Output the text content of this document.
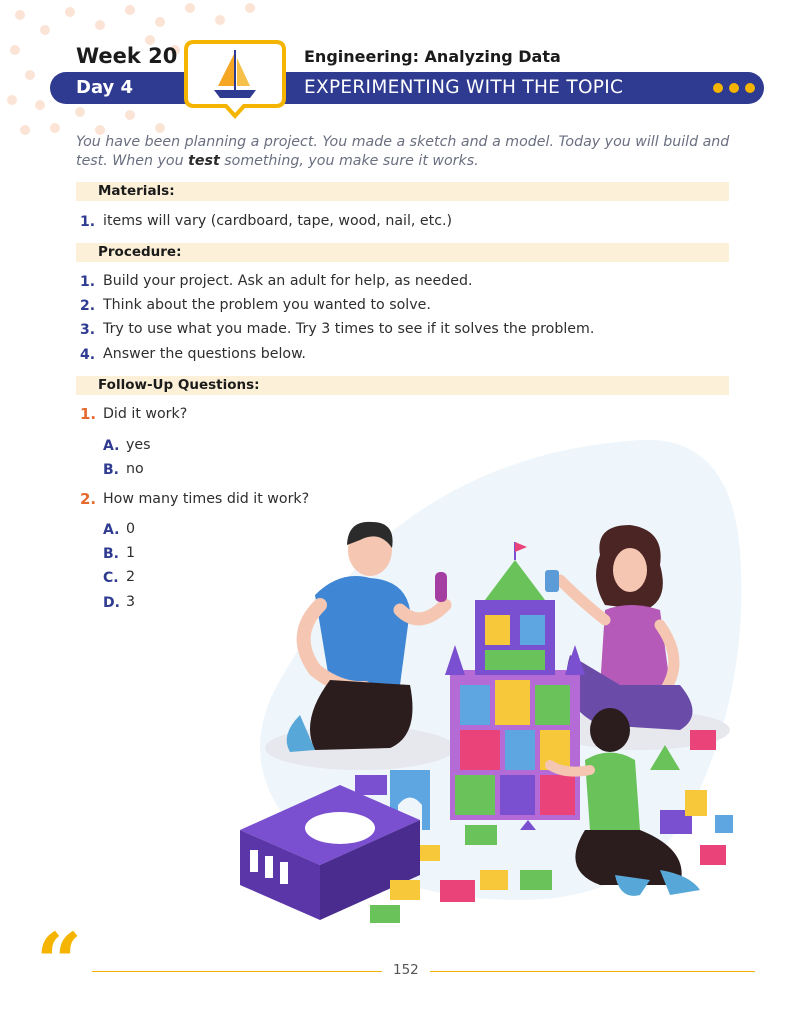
Week 20	Engineering: Analyzing Data
Day 4	EXPERIMENTING WITH THE TOPIC
You have been planning a project. You made a sketch and a model. Today you will build and test. When you test something, you make sure it works.
Materials:
1. items will vary (cardboard, tape, wood, nail, etc.)
Procedure:
1. Build your project. Ask an adult for help, as needed.
2. Think about the problem you wanted to solve.
3. Try to use what you made. Try 3 times to see if it solves the problem.
4. Answer the questions below.
Follow-Up Questions:
1. Did it work?
A. yes
B. no
2. How many times did it work?
A. 0
B. 1
C. 2
D. 3
“	152
